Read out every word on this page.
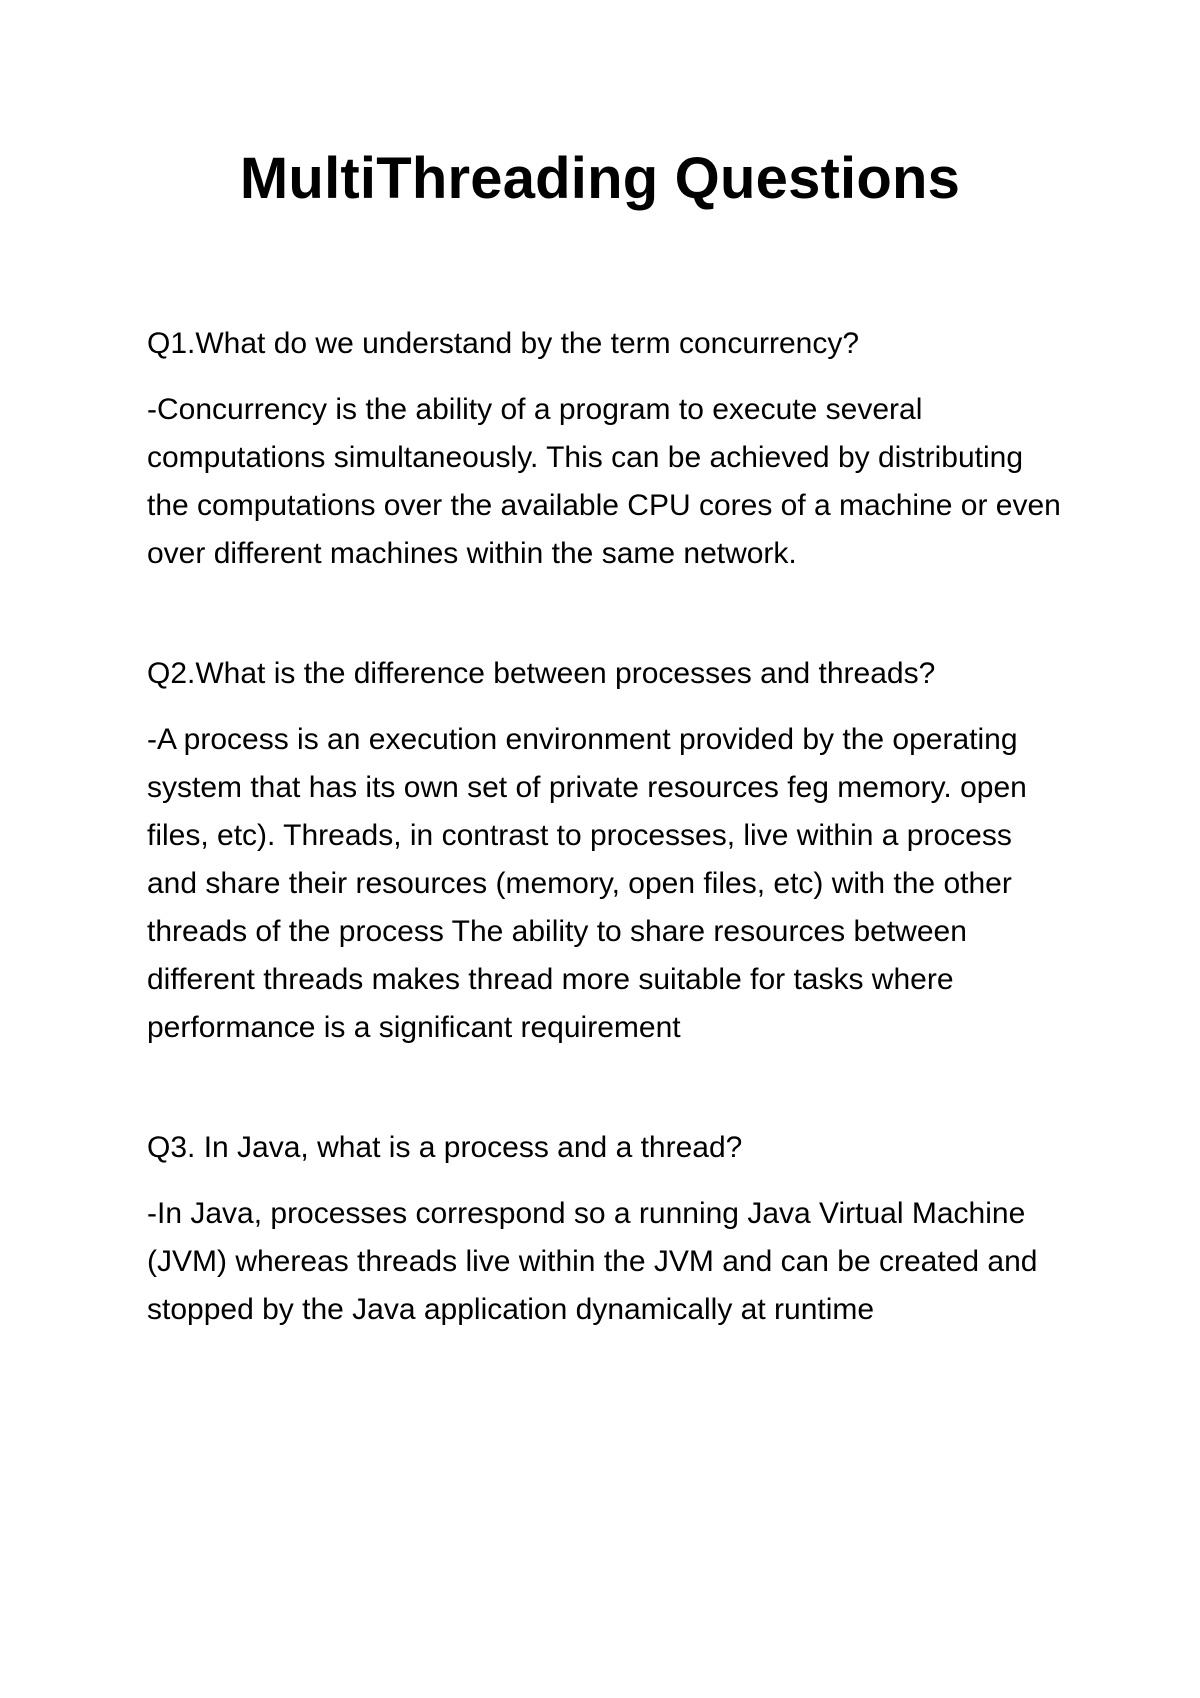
MultiThreading Questions

Q1.What do we understand by the term concurrency?

-Concurrency is the ability of a program to execute several computations simultaneously. This can be achieved by distributing the computations over the available CPU cores of a machine or even over different machines within the same network.

Q2.What is the difference between processes and threads?

-A process is an execution environment provided by the operating system that has its own set of private resources feg memory. open files, etc). Threads, in contrast to processes, live within a process and share their resources (memory, open files, etc) with the other threads of the process The ability to share resources between different threads makes thread more suitable for tasks where performance is a significant requirement

Q3. In Java, what is a process and a thread?

-In Java, processes correspond so a running Java Virtual Machine (JVM) whereas threads live within the JVM and can be created and stopped by the Java application dynamically at runtime
